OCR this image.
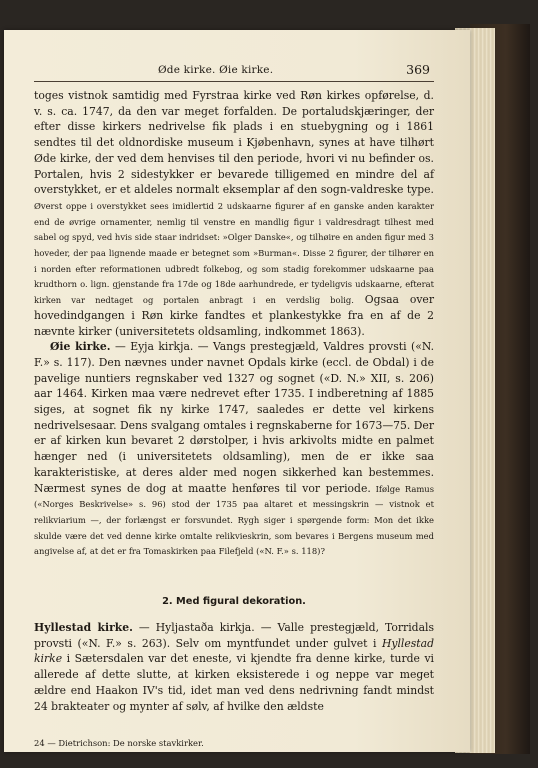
Øde kirke. Øie kirke.	369

toges vistnok samtidig med Fyrstraa kirke ved Røn kirkes opførelse, d. v. s. ca. 1747, da den var meget forfalden. De portaludskjæringer, der efter disse kirkers nedrivelse fik plads i en stuebygning og i 1861 sendtes til det oldnordiske museum i Kjøbenhavn, synes at have tilhørt Øde kirke, der ved dem henvises til den periode, hvori vi nu befinder os. Portalen, hvis 2 sidestykker er bevarede tilligemed en mindre del af overstykket, er et aldeles normalt eksemplar af den sogn-valdreske type. Øverst oppe i overstykket sees imidlertid 2 udskaarne figurer af en ganske anden karakter end de øvrige ornamenter, nemlig til venstre en mandlig figur i valdresdragt tilhest med sabel og spyd, ved hvis side staar indridset: »Olger Danske«, og tilhøire en anden figur med 3 hoveder, der paa lignende maade er betegnet som »Burman«. Disse 2 figurer, der tilhører en i norden efter reformationen udbredt folkebog, og som stadig forekommer udskaarne paa krudthorn o. lign. gjenstande fra 17de og 18de aarhundrede, er tydeligvis udskaarne, efterat kirken var nedtaget og portalen anbragt i en verdslig bolig. Ogsaa over hovedindgangen i Røn kirke fandtes et plankestykke fra en af de 2 nævnte kirker (universitetets oldsamling, indkommet 1863).

Øie kirke. — Eyja kirkja. — Vangs prestegjæld, Valdres provsti («N. F.» s. 117). Den nævnes under navnet Opdals kirke (eccl. de Obdal) i de pavelige nuntiers regnskaber ved 1327 og sognet («D. N.» XII, s. 206) aar 1464. Kirken maa være nedrevet efter 1735. I indberetning af 1885 siges, at sognet fik ny kirke 1747, saaledes er dette vel kirkens nedrivelsesaar. Dens svalgang omtales i regnskaberne for 1673—75. Der er af kirken kun bevaret 2 dørstolper, i hvis arkivolts midte en palmet hænger ned (i universitetets oldsamling), men de er ikke saa karakteristiske, at deres alder med nogen sikkerhed kan bestemmes. Nærmest synes de dog at maatte henføres til vor periode. Ifølge Ramus («Norges Beskrivelse» s. 96) stod der 1735 paa altaret et messingskrin — vistnok et relikviarium —, der forlængst er forsvundet. Rygh siger i spørgende form: Mon det ikke skulde være det ved denne kirke omtalte relikvieskrin, som bevares i Bergens museum med angivelse af, at det er fra Tomaskirken paa Filefjeld («N. F.» s. 118)?

2. Med figural dekoration.

Hyllestad kirke. — Hyljastaða kirkja. — Valle prestegjæld, Torridals provsti («N. F.» s. 263). Selv om myntfundet under gulvet i Hyllestad kirke i Sætersdalen var det eneste, vi kjendte fra denne kirke, turde vi allerede af dette slutte, at kirken eksisterede i og neppe var meget ældre end Haakon IV's tid, idet man ved dens nedrivning fandt mindst 24 brakteater og mynter af sølv, af hvilke den ældste

24 — Dietrichson: De norske stavkirker.
